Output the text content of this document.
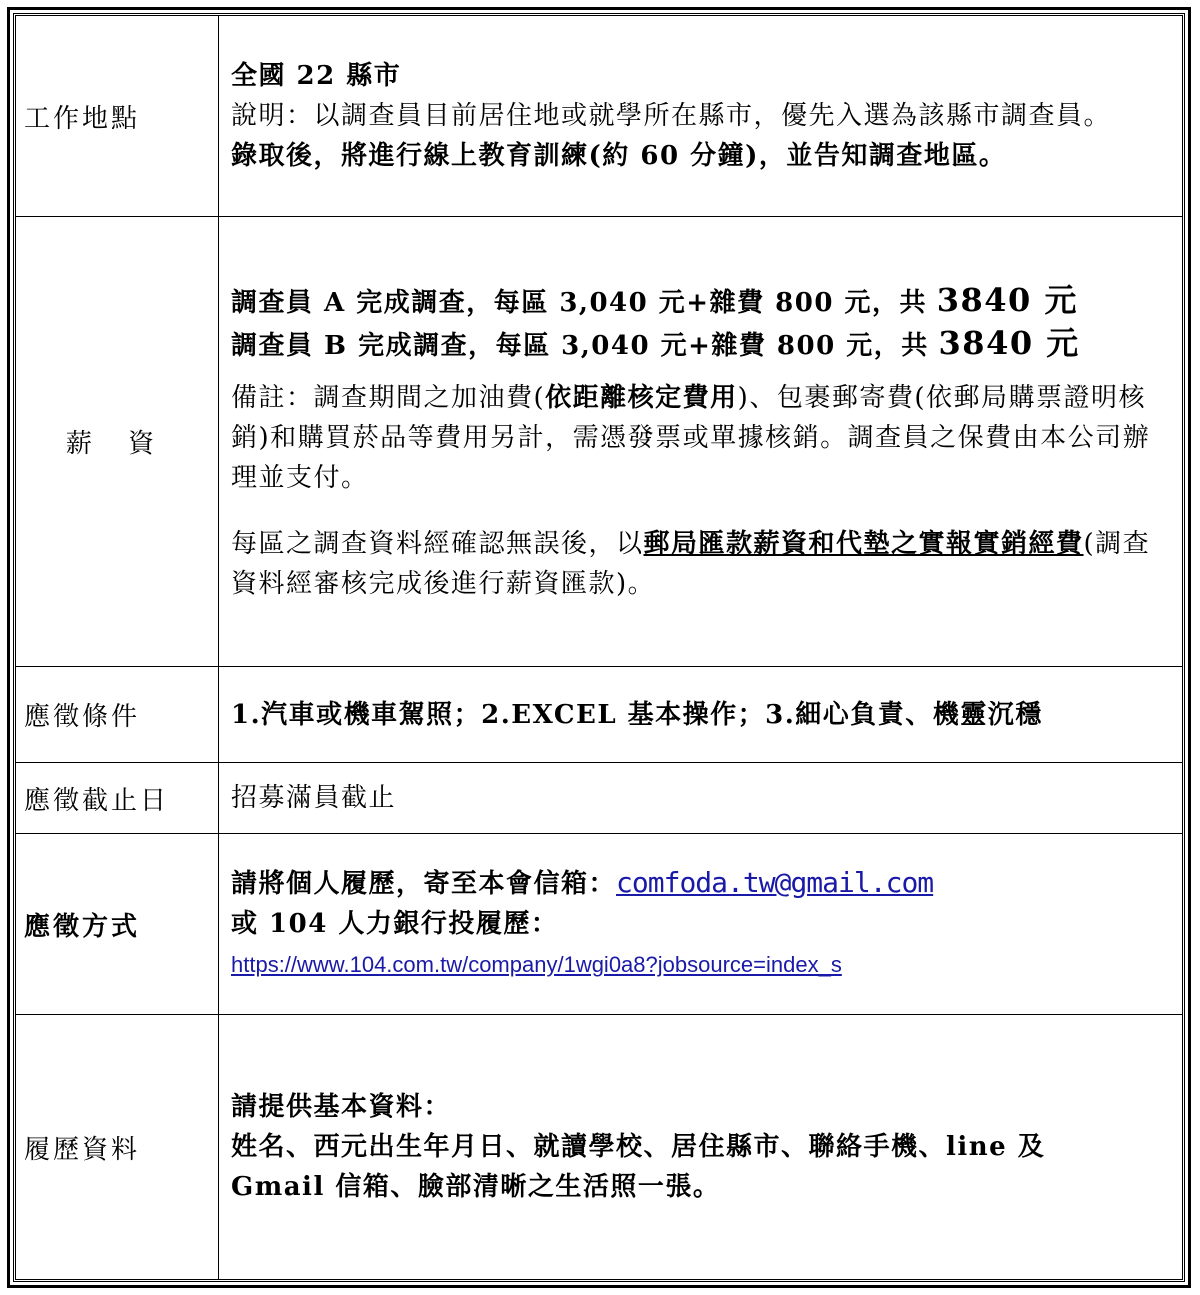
工作地點	全國 22 縣市
說明：以調查員目前居住地或就學所在縣市，優先入選為該縣市調查員。
錄取後，將進行線上教育訓練(約 60 分鐘)，並告知調查地區。

薪 資	調查員 A 完成調查，每區 3,040 元+雜費 800 元，共 3840 元
調查員 B 完成調查，每區 3,040 元+雜費 800 元，共 3840 元
備註：調查期間之加油費(依距離核定費用)、包裹郵寄費(依郵局購票證明核銷)和購買菸品等費用另計，需憑發票或單據核銷。調查員之保費由本公司辦理並支付。
每區之調查資料經確認無誤後，以郵局匯款薪資和代墊之實報實銷經費(調查資料經審核完成後進行薪資匯款)。

應徵條件	1.汽車或機車駕照；2.EXCEL 基本操作；3.細心負責、機靈沉穩
應徵截止日	招募滿員截止
應徵方式	請將個人履歷，寄至本會信箱：comfoda.tw@gmail.com
或 104 人力銀行投履歷：
https://www.104.com.tw/company/1wgi0a8?jobsource=index_s

履歷資料	請提供基本資料：
姓名、西元出生年月日、就讀學校、居住縣市、聯絡手機、line 及
Gmail 信箱、臉部清晰之生活照一張。
